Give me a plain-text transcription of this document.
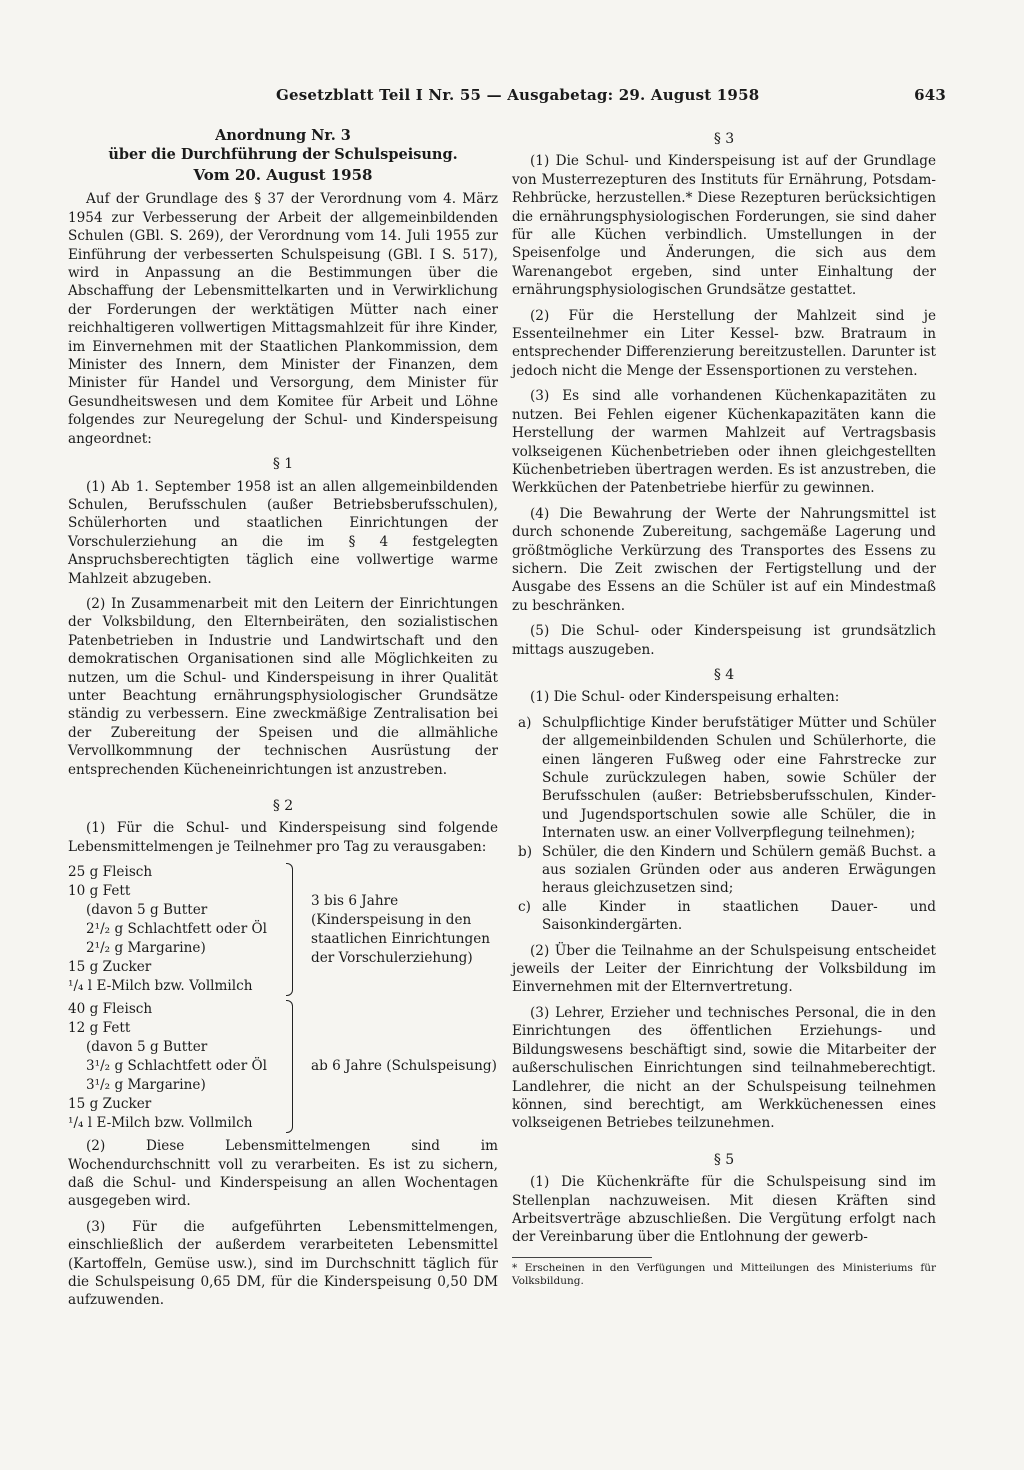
Gesetzblatt Teil I Nr. 55 — Ausgabetag: 29. August 1958	643
Anordnung Nr. 3
über die Durchführung der Schulspeisung.
Vom 20. August 1958

Auf der Grundlage des § 37 der Verordnung vom 4. März 1954 zur Verbesserung der Arbeit der allgemeinbildenden Schulen (GBl. S. 269), der Verordnung vom 14. Juli 1955 zur Einführung der verbesserten Schulspeisung (GBl. I S. 517), wird in Anpassung an die Bestimmungen über die Abschaffung der Lebensmittelkarten und in Verwirklichung der Forderungen der werktätigen Mütter nach einer reichhaltigeren vollwertigen Mittagsmahlzeit für ihre Kinder, im Einvernehmen mit der Staatlichen Plankommission, dem Minister des Innern, dem Minister der Finanzen, dem Minister für Handel und Versorgung, dem Minister für Gesundheitswesen und dem Komitee für Arbeit und Löhne folgendes zur Neuregelung der Schul- und Kinderspeisung angeordnet:

§ 1

(1) Ab 1. September 1958 ist an allen allgemeinbildenden Schulen, Berufsschulen (außer Betriebsberufsschulen), Schülerhorten und staatlichen Einrichtungen der Vorschulerziehung an die im § 4 festgelegten Anspruchsberechtigten täglich eine vollwertige warme Mahlzeit abzugeben.

(2) In Zusammenarbeit mit den Leitern der Einrichtungen der Volksbildung, den Elternbeiräten, den sozialistischen Patenbetrieben in Industrie und Landwirtschaft und den demokratischen Organisationen sind alle Möglichkeiten zu nutzen, um die Schul- und Kinderspeisung in ihrer Qualität unter Beachtung ernährungsphysiologischer Grundsätze ständig zu verbessern. Eine zweckmäßige Zentralisation bei der Zubereitung der Speisen und die allmähliche Vervollkommnung der technischen Ausrüstung der entsprechenden Kücheneinrichtungen ist anzustreben.

§ 2

(1) Für die Schul- und Kinderspeisung sind folgende Lebensmittelmengen je Teilnehmer pro Tag zu verausgaben:

25 g Fleisch
10 g Fett
(davon 5 g Butter
2¹/₂ g Schlachtfett oder Öl
2¹/₂ g Margarine)
15 g Zucker
¹/₄ l E-Milch bzw. Vollmilch
3 bis 6 Jahre (Kinderspeisung in den staatlichen Einrichtungen der Vorschulerziehung)
40 g Fleisch
12 g Fett
(davon 5 g Butter
3¹/₂ g Schlachtfett oder Öl
3¹/₂ g Margarine)
15 g Zucker
¹/₄ l E-Milch bzw. Vollmilch
ab 6 Jahre (Schulspeisung)

(2) Diese Lebensmittelmengen sind im Wochendurchschnitt voll zu verarbeiten. Es ist zu sichern, daß die Schul- und Kinderspeisung an allen Wochentagen ausgegeben wird.

(3) Für die aufgeführten Lebensmittelmengen, einschließlich der außerdem verarbeiteten Lebensmittel (Kartoffeln, Gemüse usw.), sind im Durchschnitt täglich für die Schulspeisung 0,65 DM, für die Kinderspeisung 0,50 DM aufzuwenden.

§ 3

(1) Die Schul- und Kinderspeisung ist auf der Grundlage von Musterrezepturen des Instituts für Ernährung, Potsdam-Rehbrücke, herzustellen.* Diese Rezepturen berücksichtigen die ernährungsphysiologischen Forderungen, sie sind daher für alle Küchen verbindlich. Umstellungen in der Speisenfolge und Änderungen, die sich aus dem Warenangebot ergeben, sind unter Einhaltung der ernährungsphysiologischen Grundsätze gestattet.

(2) Für die Herstellung der Mahlzeit sind je Essenteilnehmer ein Liter Kessel- bzw. Bratraum in entsprechender Differenzierung bereitzustellen. Darunter ist jedoch nicht die Menge der Essensportionen zu verstehen.

(3) Es sind alle vorhandenen Küchenkapazitäten zu nutzen. Bei Fehlen eigener Küchenkapazitäten kann die Herstellung der warmen Mahlzeit auf Vertragsbasis volkseigenen Küchenbetrieben oder ihnen gleichgestellten Küchenbetrieben übertragen werden. Es ist anzustreben, die Werkküchen der Patenbetriebe hierfür zu gewinnen.

(4) Die Bewahrung der Werte der Nahrungsmittel ist durch schonende Zubereitung, sachgemäße Lagerung und größtmögliche Verkürzung des Transportes des Essens zu sichern. Die Zeit zwischen der Fertigstellung und der Ausgabe des Essens an die Schüler ist auf ein Mindestmaß zu beschränken.

(5) Die Schul- oder Kinderspeisung ist grundsätzlich mittags auszugeben.

§ 4

(1) Die Schul- oder Kinderspeisung erhalten:

a) Schulpflichtige Kinder berufstätiger Mütter und Schüler der allgemeinbildenden Schulen und Schülerhorte, die einen längeren Fußweg oder eine Fahrstrecke zur Schule zurückzulegen haben, sowie Schüler der Berufsschulen (außer: Betriebsberufsschulen, Kinder- und Jugendsportschulen sowie alle Schüler, die in Internaten usw. an einer Vollverpflegung teilnehmen);
b) Schüler, die den Kindern und Schülern gemäß Buchst. a aus sozialen Gründen oder aus anderen Erwägungen heraus gleichzusetzen sind;
c) alle Kinder in staatlichen Dauer- und Saisonkindergärten.

(2) Über die Teilnahme an der Schulspeisung entscheidet jeweils der Leiter der Einrichtung der Volksbildung im Einvernehmen mit der Elternvertretung.

(3) Lehrer, Erzieher und technisches Personal, die in den Einrichtungen des öffentlichen Erziehungs- und Bildungswesens beschäftigt sind, sowie die Mitarbeiter der außerschulischen Einrichtungen sind teilnahmeberechtigt. Landlehrer, die nicht an der Schulspeisung teilnehmen können, sind berechtigt, am Werkküchenessen eines volkseigenen Betriebes teilzunehmen.

§ 5

(1) Die Küchenkräfte für die Schulspeisung sind im Stellenplan nachzuweisen. Mit diesen Kräften sind Arbeitsverträge abzuschließen. Die Vergütung erfolgt nach der Vereinbarung über die Entlohnung der gewerb-

* Erscheinen in den Verfügungen und Mitteilungen des Ministeriums für Volksbildung.
